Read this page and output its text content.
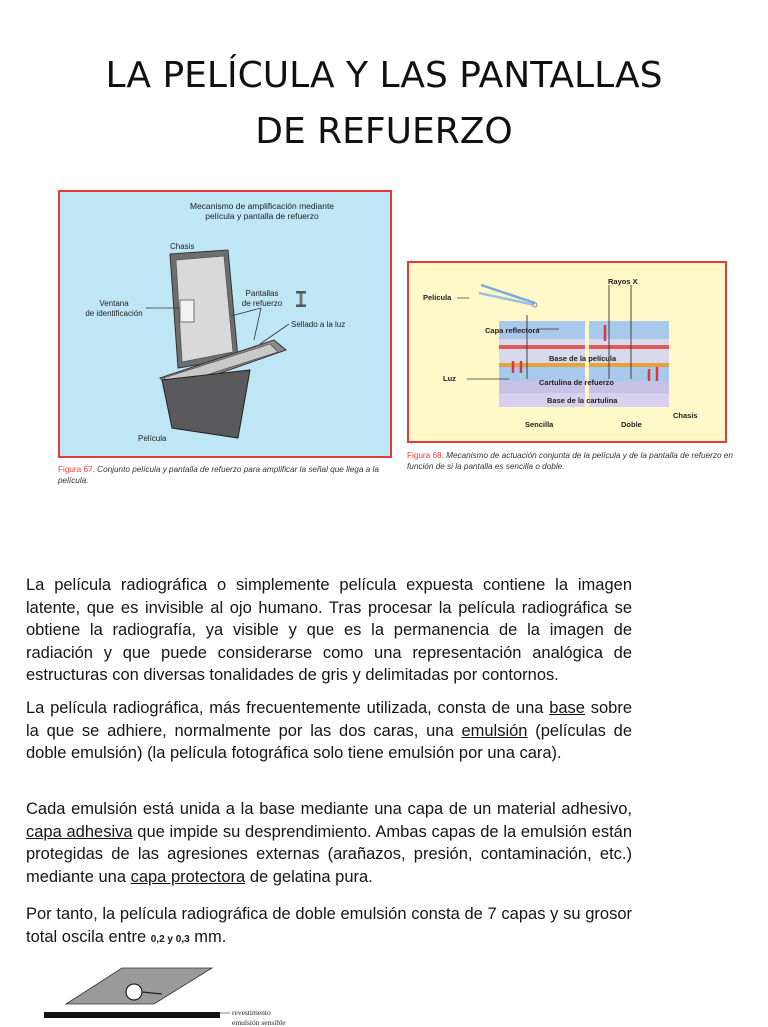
LA PELÍCULA Y LAS PANTALLAS
DE REFUERZO
Mecanismo de amplificación mediante
película y pantalla de refuerzo
Chasis
Ventana
de identificación
Pantallas
de refuerzo
Sellado a la luz
Película
Figura 67. Conjunto película y pantalla de refuerzo para amplificar la señal que llega a la película.
Rayos X
Película
Capa reflectora
Base de la película
Luz	Cartulina de refuerzo
Base de la cartulina
Chasis
Sencilla	Doble
Figura 68. Mecanismo de actuación conjunta de la película y de la pantalla de refuerzo en función de si la pantalla es sencilla o doble.

La película radiográfica o simplemente película expuesta contiene la imagen latente, que es invisible al ojo humano. Tras procesar la película radiográfica se obtiene la radiografía, ya visible y que es la permanencia de la imagen de radiación y que puede considerarse como una representación analógica de estructuras con diversas tonalidades de gris y delimitadas por contornos.

La película radiográfica, más frecuentemente utilizada, consta de una base sobre la que se adhiere, normalmente por las dos caras, una emulsión (películas de doble emulsión) (la película fotográfica solo tiene emulsión por una cara).

Cada emulsión está unida a la base mediante una capa de un material adhesivo, capa adhesiva que impide su desprendimiento. Ambas capas de la emulsión están protegidas de las agresiones externas (arañazos, presión, contaminación, etc.) mediante una capa protectora de gelatina pura.

Por tanto, la película radiográfica de doble emulsión consta de 7 capas y su grosor total oscila entre 0,2 y 0,3 mm.

revestimento
emulsión sensible
